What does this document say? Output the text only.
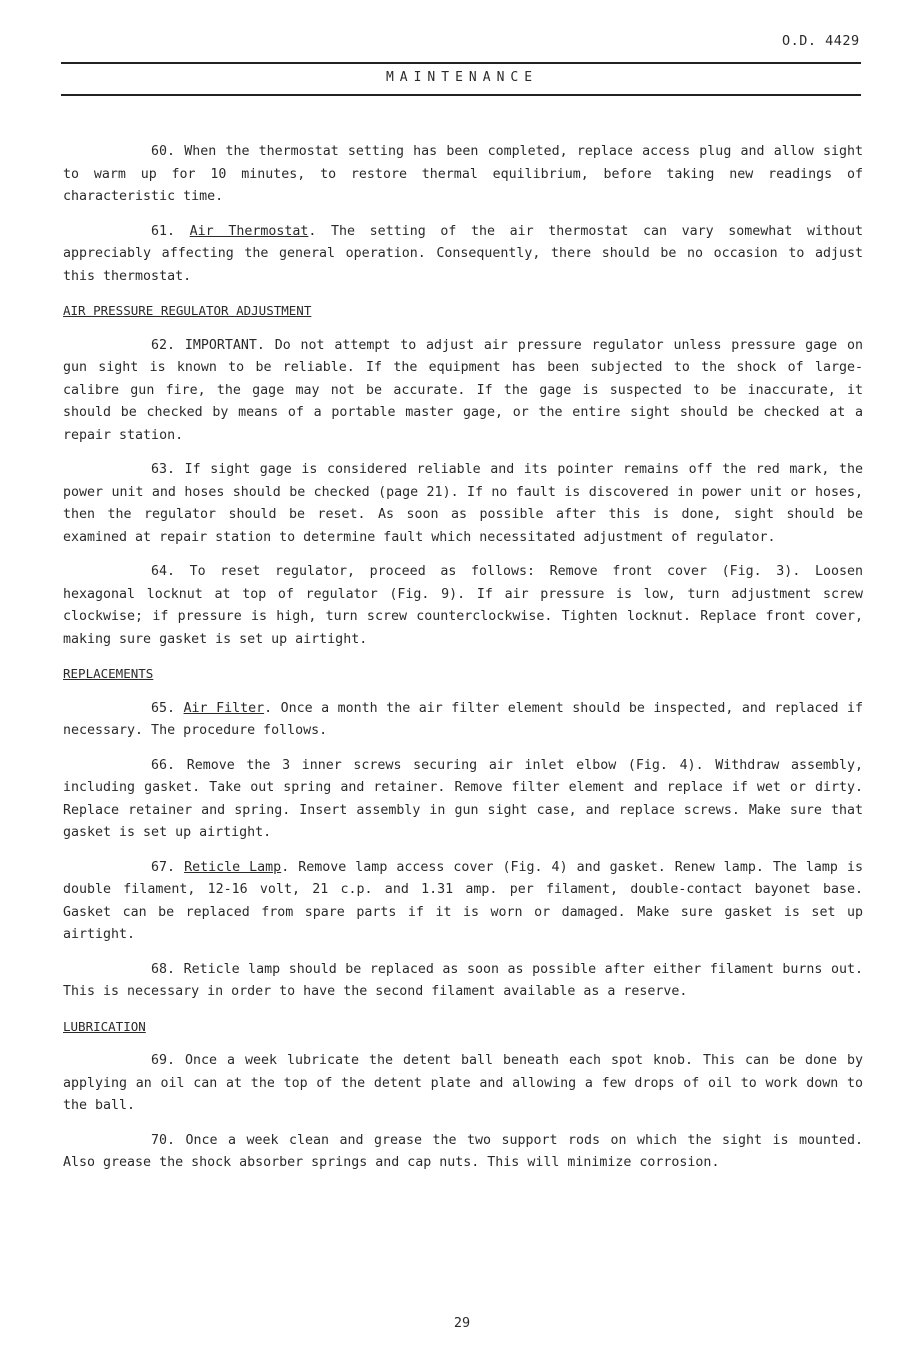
O.D. 4429
MAINTENANCE

60. When the thermostat setting has been completed, replace access plug and allow sight to warm up for 10 minutes, to restore thermal equilibrium, before taking new readings of characteristic time.

61. Air Thermostat. The setting of the air thermostat can vary somewhat without appreciably affecting the general operation. Consequently, there should be no occasion to adjust this thermostat.

AIR PRESSURE REGULATOR ADJUSTMENT

62. IMPORTANT. Do not attempt to adjust air pressure regulator unless pressure gage on gun sight is known to be reliable. If the equipment has been subjected to the shock of large-calibre gun fire, the gage may not be accurate. If the gage is suspected to be inaccurate, it should be checked by means of a portable master gage, or the entire sight should be checked at a repair station.

63. If sight gage is considered reliable and its pointer remains off the red mark, the power unit and hoses should be checked (page 21). If no fault is discovered in power unit or hoses, then the regulator should be reset. As soon as possible after this is done, sight should be examined at repair station to determine fault which necessitated adjustment of regulator.

64. To reset regulator, proceed as follows: Remove front cover (Fig. 3). Loosen hexagonal locknut at top of regulator (Fig. 9). If air pressure is low, turn adjustment screw clockwise; if pressure is high, turn screw counterclockwise. Tighten locknut. Replace front cover, making sure gasket is set up airtight.

REPLACEMENTS

65. Air Filter. Once a month the air filter element should be inspected, and replaced if necessary. The procedure follows.

66. Remove the 3 inner screws securing air inlet elbow (Fig. 4). Withdraw assembly, including gasket. Take out spring and retainer. Remove filter element and replace if wet or dirty. Replace retainer and spring. Insert assembly in gun sight case, and replace screws. Make sure that gasket is set up airtight.

67. Reticle Lamp. Remove lamp access cover (Fig. 4) and gasket. Renew lamp. The lamp is double filament, 12-16 volt, 21 c.p. and 1.31 amp. per filament, double-contact bayonet base. Gasket can be replaced from spare parts if it is worn or damaged. Make sure gasket is set up airtight.

68. Reticle lamp should be replaced as soon as possible after either filament burns out. This is necessary in order to have the second filament available as a reserve.

LUBRICATION

69. Once a week lubricate the detent ball beneath each spot knob. This can be done by applying an oil can at the top of the detent plate and allowing a few drops of oil to work down to the ball.

70. Once a week clean and grease the two support rods on which the sight is mounted. Also grease the shock absorber springs and cap nuts. This will minimize corrosion.

29
